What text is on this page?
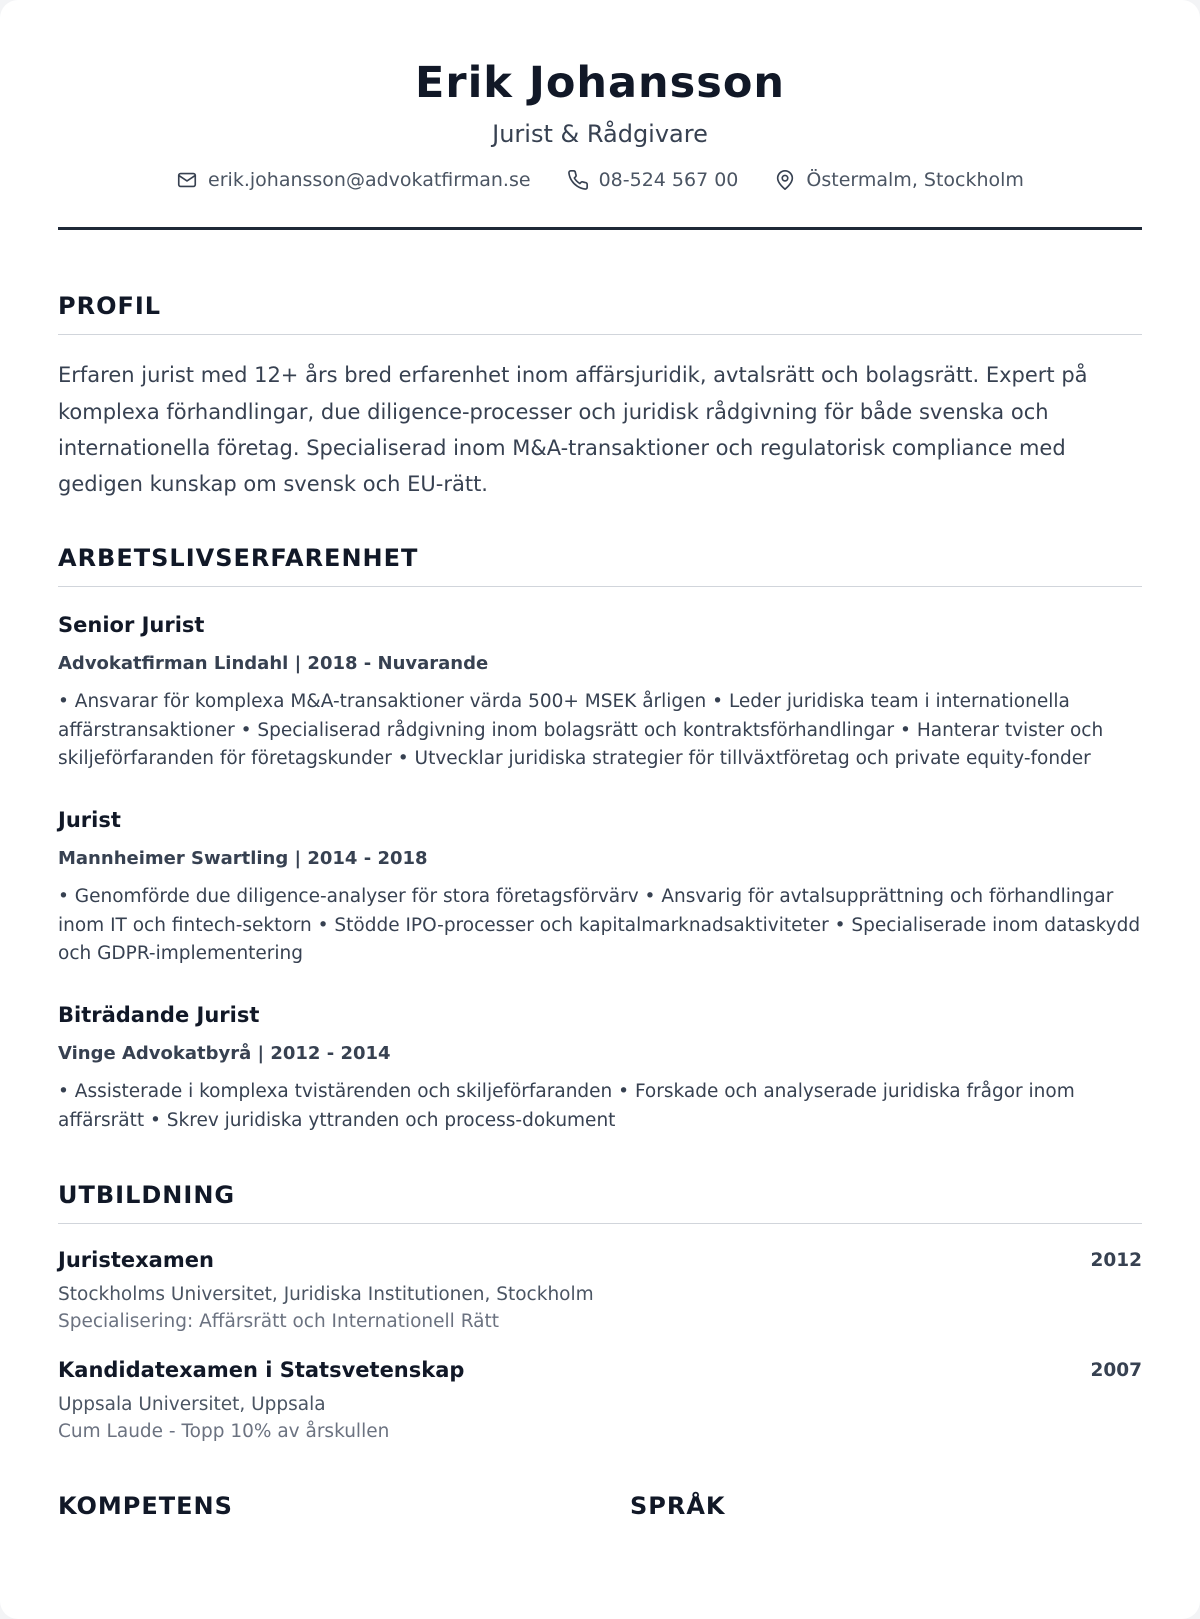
Erik Johansson
Jurist & Rådgivare
erik.johansson@advokatfirman.se	08-524 567 00	Östermalm, Stockholm
PROFIL

Erfaren jurist med 12+ års bred erfarenhet inom affärsjuridik, avtalsrätt och bolagsrätt. Expert på komplexa förhandlingar, due diligence-processer och juridisk rådgivning för både svenska och internationella företag. Specialiserad inom M&A-transaktioner och regulatorisk compliance med gedigen kunskap om svensk och EU-rätt.

ARBETSLIVSERFARENHET
Senior Jurist
Advokatfirman Lindahl | 2018 - Nuvarande
• Ansvarar för komplexa M&A-transaktioner värda 500+ MSEK årligen • Leder juridiska team i internationella affärstransaktioner • Specialiserad rådgivning inom bolagsrätt och kontraktsförhandlingar • Hanterar tvister och skiljeförfaranden för företagskunder • Utvecklar juridiska strategier för tillväxtföretag och private equity-fonder
Jurist
Mannheimer Swartling | 2014 - 2018
• Genomförde due diligence-analyser för stora företagsförvärv • Ansvarig för avtalsupprättning och förhandlingar inom IT och fintech-sektorn • Stödde IPO-processer och kapitalmarknadsaktiviteter • Specialiserade inom dataskydd och GDPR-implementering
Biträdande Jurist
Vinge Advokatbyrå | 2012 - 2014
• Assisterade i komplexa tvistärenden och skiljeförfaranden • Forskade och analyserade juridiska frågor inom affärsrätt • Skrev juridiska yttranden och process-dokument
UTBILDNING
Juristexamen
Stockholms Universitet, Juridiska Institutionen, Stockholm
Specialisering: Affärsrätt och Internationell Rätt
2012
Kandidatexamen i Statsvetenskap
Uppsala Universitet, Uppsala
Cum Laude - Topp 10% av årskullen
2007
KOMPETENS	SPRÅK
